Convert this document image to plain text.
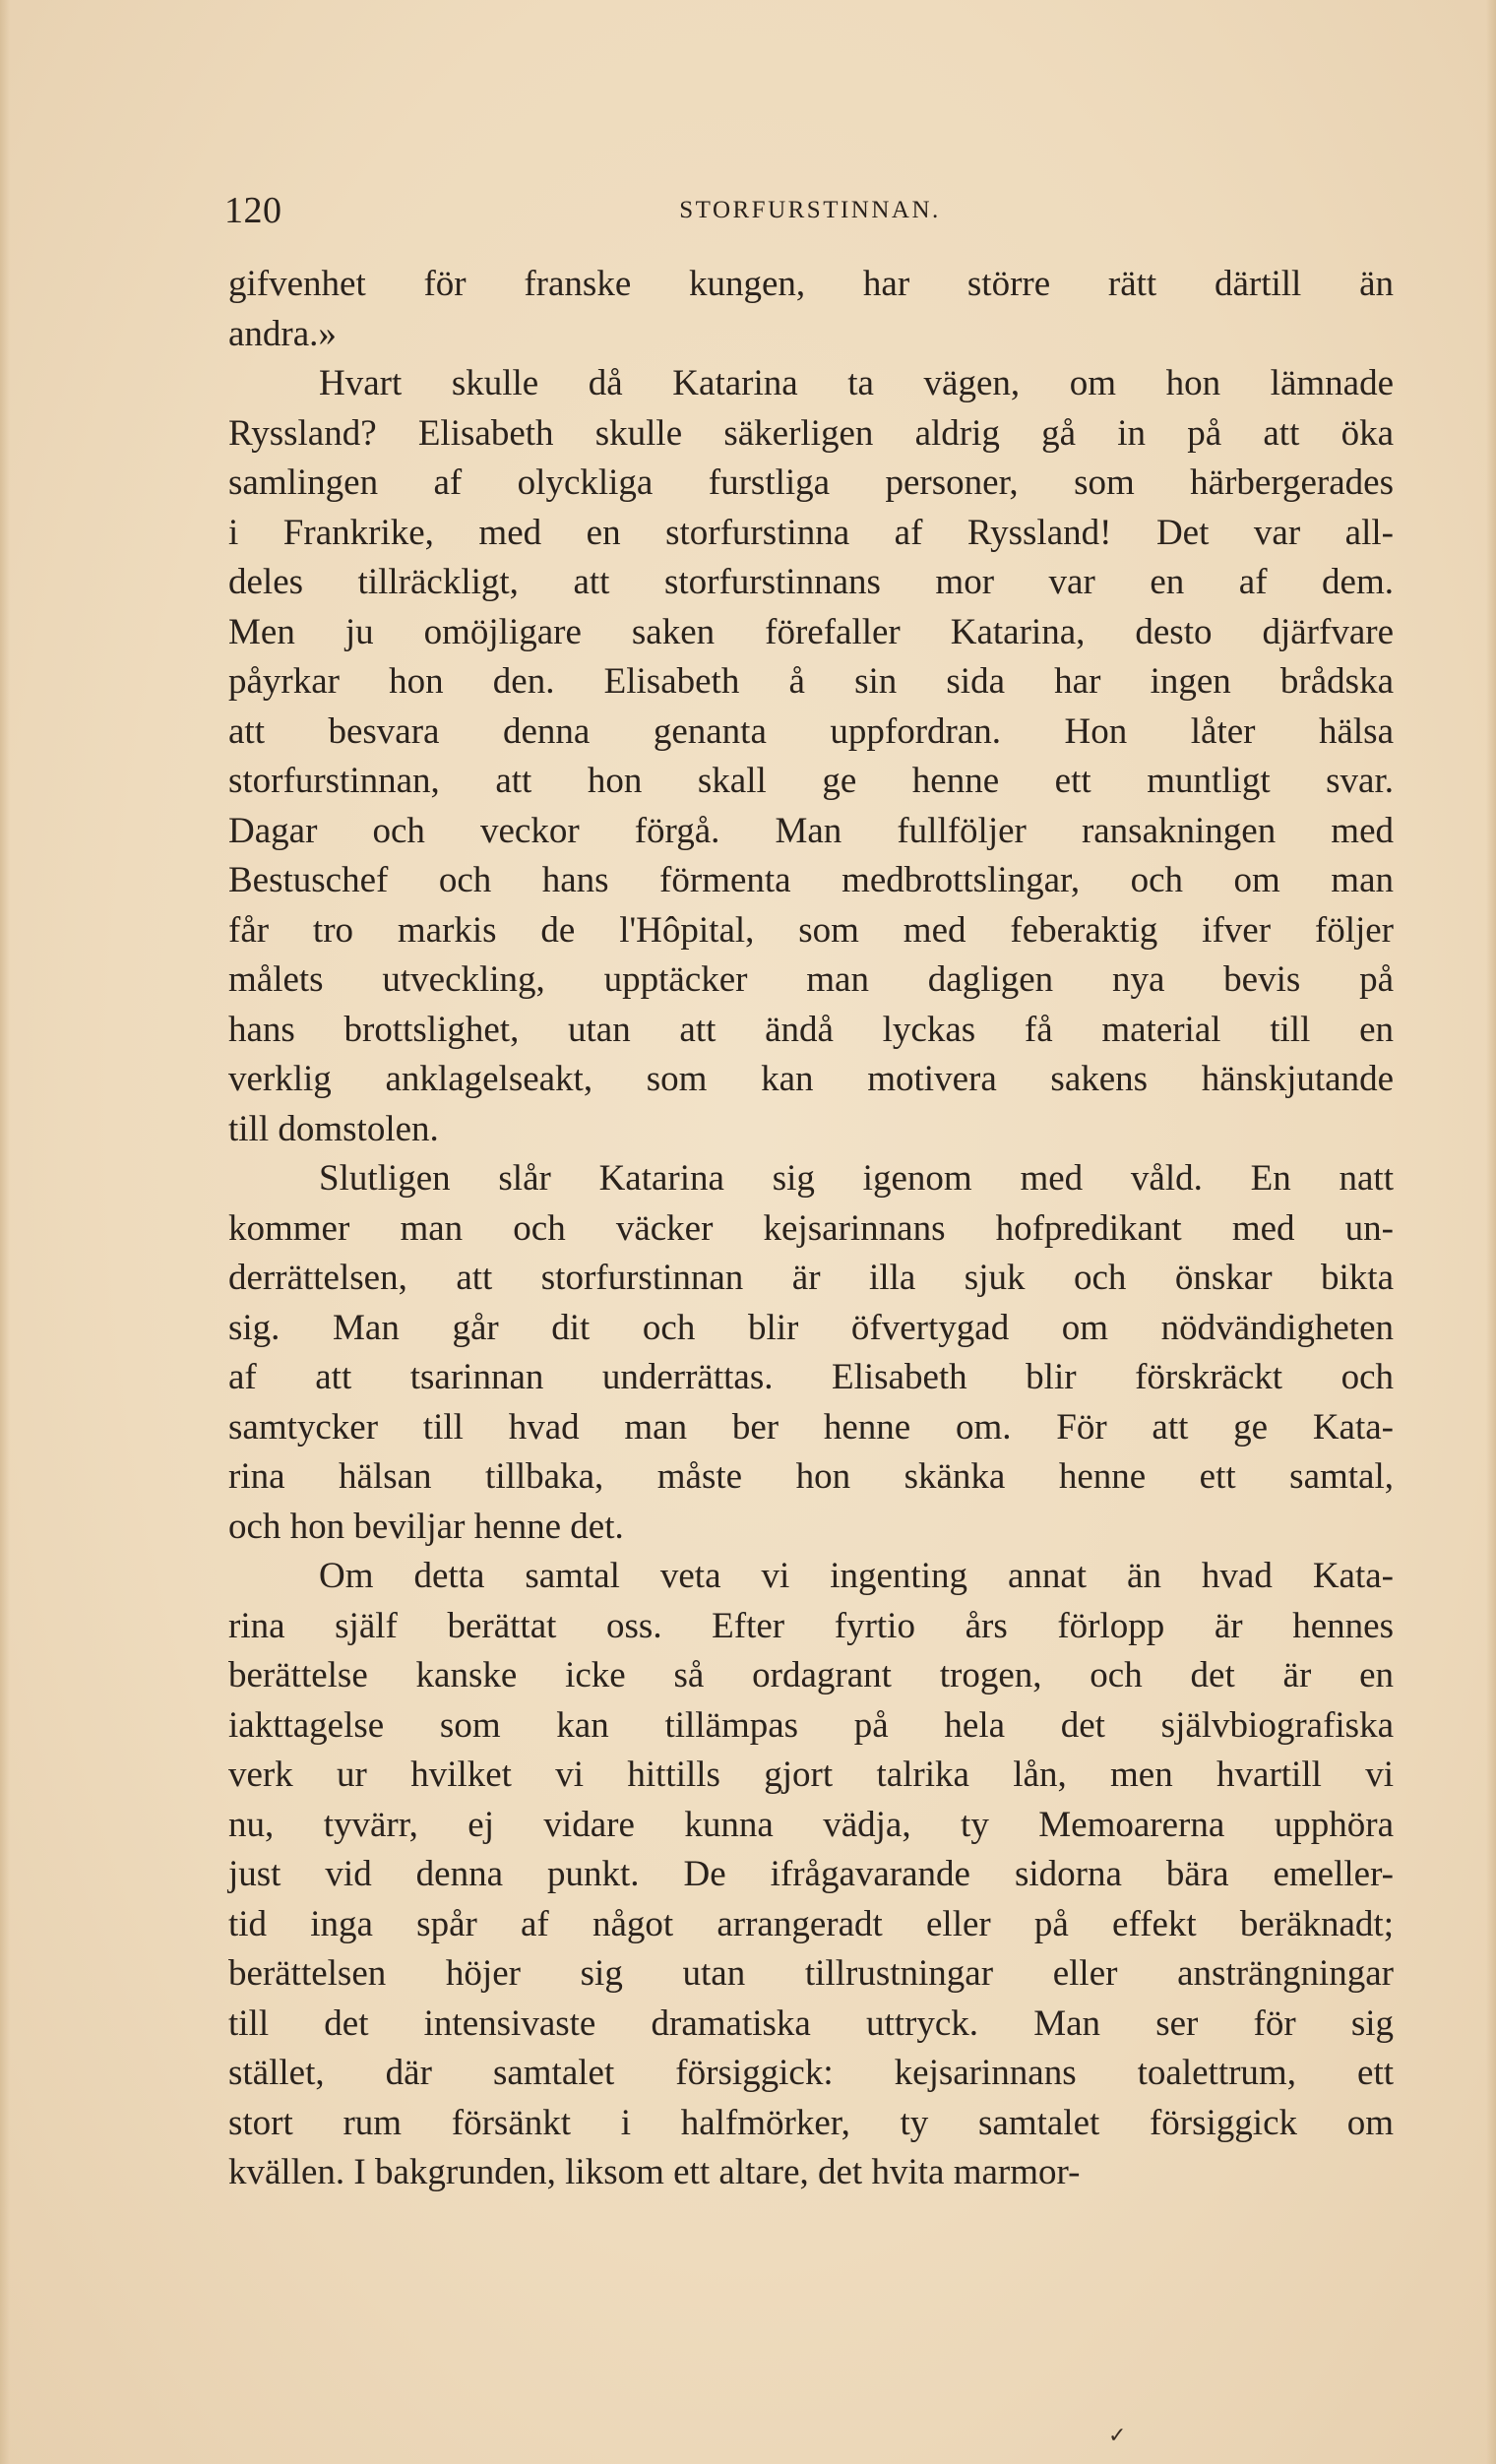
120	STORFURSTINNAN.
gifvenhet för franske kungen, har större rätt därtill än
andra.»
Hvart skulle då Katarina ta vägen, om hon lämnade
Ryssland? Elisabeth skulle säkerligen aldrig gå in på att öka
samlingen af olyckliga furstliga personer, som härbergerades
i Frankrike, med en storfurstinna af Ryssland! Det var all-
deles tillräckligt, att storfurstinnans mor var en af dem.
Men ju omöjligare saken förefaller Katarina, desto djärfvare
påyrkar hon den. Elisabeth å sin sida har ingen brådska
att besvara denna genanta uppfordran. Hon låter hälsa
storfurstinnan, att hon skall ge henne ett muntligt svar.
Dagar och veckor förgå. Man fullföljer ransakningen med
Bestuschef och hans förmenta medbrottslingar, och om man
får tro markis de l'Hôpital, som med feberaktig ifver följer
målets utveckling, upptäcker man dagligen nya bevis på
hans brottslighet, utan att ändå lyckas få material till en
verklig anklagelseakt, som kan motivera sakens hänskjutande
till domstolen.
Slutligen slår Katarina sig igenom med våld. En natt
kommer man och väcker kejsarinnans hofpredikant med un-
derrättelsen, att storfurstinnan är illa sjuk och önskar bikta
sig. Man går dit och blir öfvertygad om nödvändigheten
af att tsarinnan underrättas. Elisabeth blir förskräckt och
samtycker till hvad man ber henne om. För att ge Kata-
rina hälsan tillbaka, måste hon skänka henne ett samtal,
och hon beviljar henne det.
Om detta samtal veta vi ingenting annat än hvad Kata-
rina själf berättat oss. Efter fyrtio års förlopp är hennes
berättelse kanske icke så ordagrant trogen, och det är en
iakttagelse som kan tillämpas på hela det självbiografiska
verk ur hvilket vi hittills gjort talrika lån, men hvartill vi
nu, tyvärr, ej vidare kunna vädja, ty Memoarerna upphöra
just vid denna punkt. De ifrågavarande sidorna bära emeller-
tid inga spår af något arrangeradt eller på effekt beräknadt;
berättelsen höjer sig utan tillrustningar eller ansträngningar
till det intensivaste dramatiska uttryck. Man ser för sig
stället, där samtalet försiggick: kejsarinnans toalettrum, ett
stort rum försänkt i halfmörker, ty samtalet försiggick om
kvällen. I bakgrunden, liksom ett altare, det hvita marmor-
✓
